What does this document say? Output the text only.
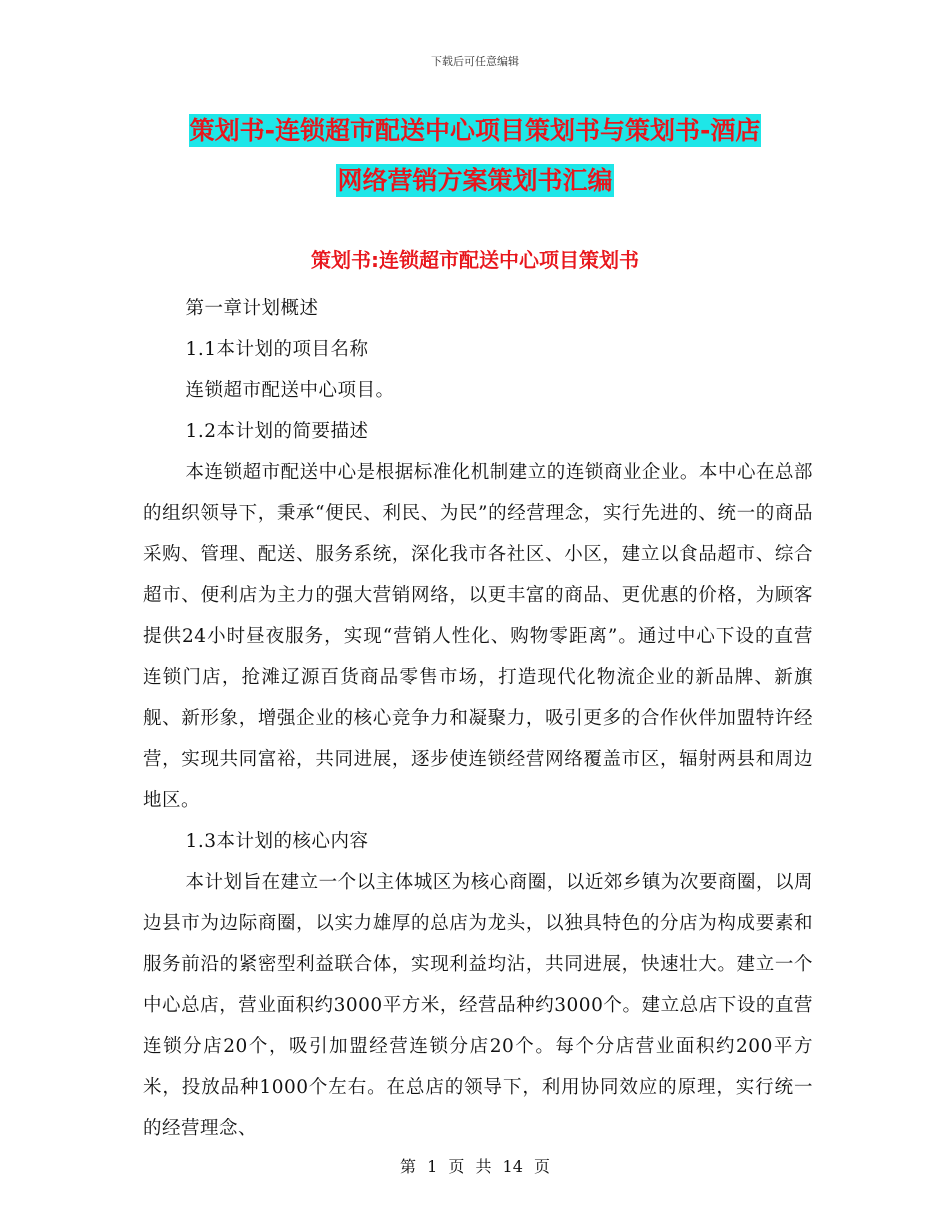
下载后可任意编辑
策划书-连锁超市配送中心项目策划书与策划书-酒店
网络营销方案策划书汇编
策划书:连锁超市配送中心项目策划书

第一章计划概述

1.1本计划的项目名称

连锁超市配送中心项目。

1.2本计划的简要描述

本连锁超市配送中心是根据标准化机制建立的连锁商业企业。本中心在总部的组织领导下，秉承“便民、利民、为民”的经营理念，实行先进的、统一的商品采购、管理、配送、服务系统，深化我市各社区、小区，建立以食品超市、综合超市、便利店为主力的强大营销网络，以更丰富的商品、更优惠的价格，为顾客提供24小时昼夜服务，实现“营销人性化、购物零距离”。通过中心下设的直营连锁门店，抢滩辽源百货商品零售市场，打造现代化物流企业的新品牌、新旗舰、新形象，增强企业的核心竞争力和凝聚力，吸引更多的合作伙伴加盟特许经营，实现共同富裕，共同进展，逐步使连锁经营网络覆盖市区，辐射两县和周边地区。

1.3本计划的核心内容

本计划旨在建立一个以主体城区为核心商圈，以近郊乡镇为次要商圈，以周边县市为边际商圈，以实力雄厚的总店为龙头，以独具特色的分店为构成要素和服务前沿的紧密型利益联合体，实现利益均沾，共同进展，快速壮大。建立一个中心总店，营业面积约3000平方米，经营品种约3000个。建立总店下设的直营连锁分店20个，吸引加盟经营连锁分店20个。每个分店营业面积约200平方米，投放品种1000个左右。在总店的领导下，利用协同效应的原理，实行统一的经营理念、

第 1 页 共 14 页
